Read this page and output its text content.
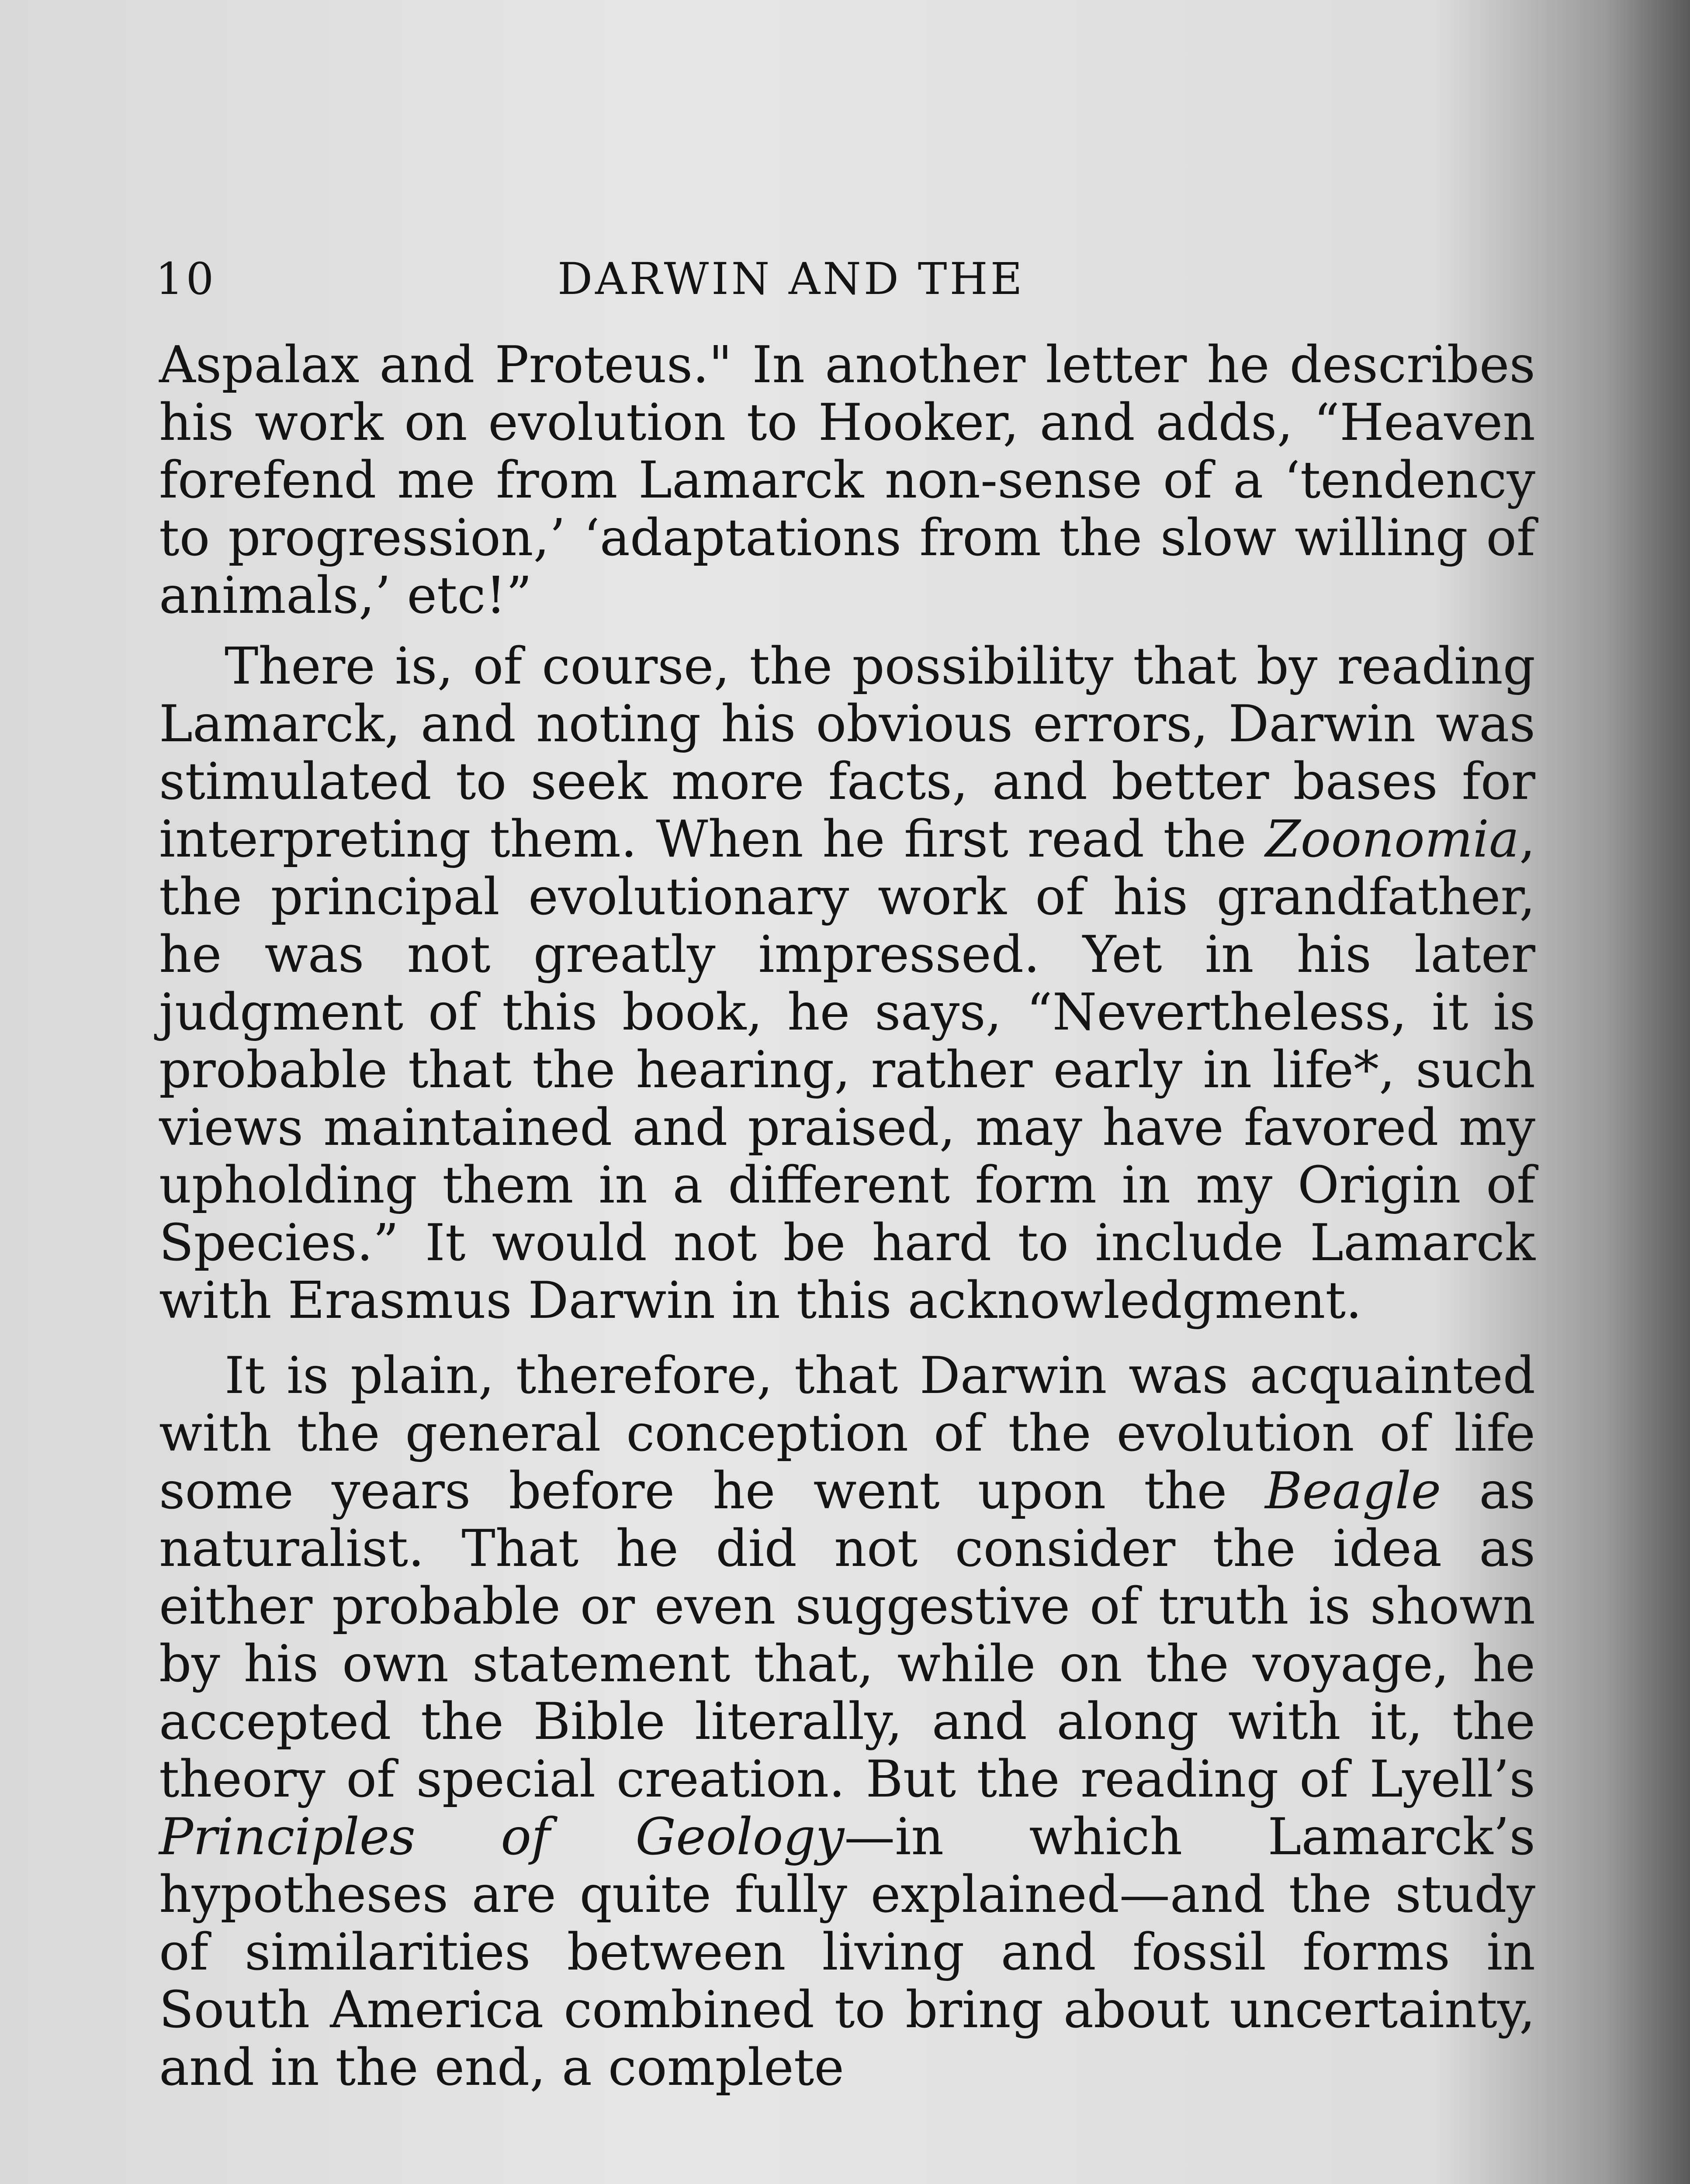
10	DARWIN AND THE

Aspalax and Proteus." In another letter he describes his work on evolution to Hooker, and adds, “Heaven forefend me from Lamarck non-sense of a ‘tendency to progression,’ ‘adaptations from the slow willing of animals,’ etc!”

There is, of course, the possibility that by reading Lamarck, and noting his obvious errors, Darwin was stimulated to seek more facts, and better bases for interpreting them. When he first read the Zoonomia, the principal evolutionary work of his grandfather, he was not greatly impressed. Yet in his later judgment of this book, he says, “Nevertheless, it is probable that the hearing, rather early in life*, such views maintained and praised, may have favored my upholding them in a different form in my Origin of Species.” It would not be hard to include Lamarck with Erasmus Darwin in this acknowledgment.

It is plain, therefore, that Darwin was acquainted with the general conception of the evolution of life some years before he went upon the Beagle as naturalist. That he did not consider the idea as either probable or even suggestive of truth is shown by his own statement that, while on the voyage, he accepted the Bible literally, and along with it, the theory of special creation. But the reading of Lyell’s Principles of Geology—in which Lamarck’s hypotheses are quite fully explained—and the study of similarities between living and fossil forms in South America combined to bring about uncertainty, and in the end, a complete
